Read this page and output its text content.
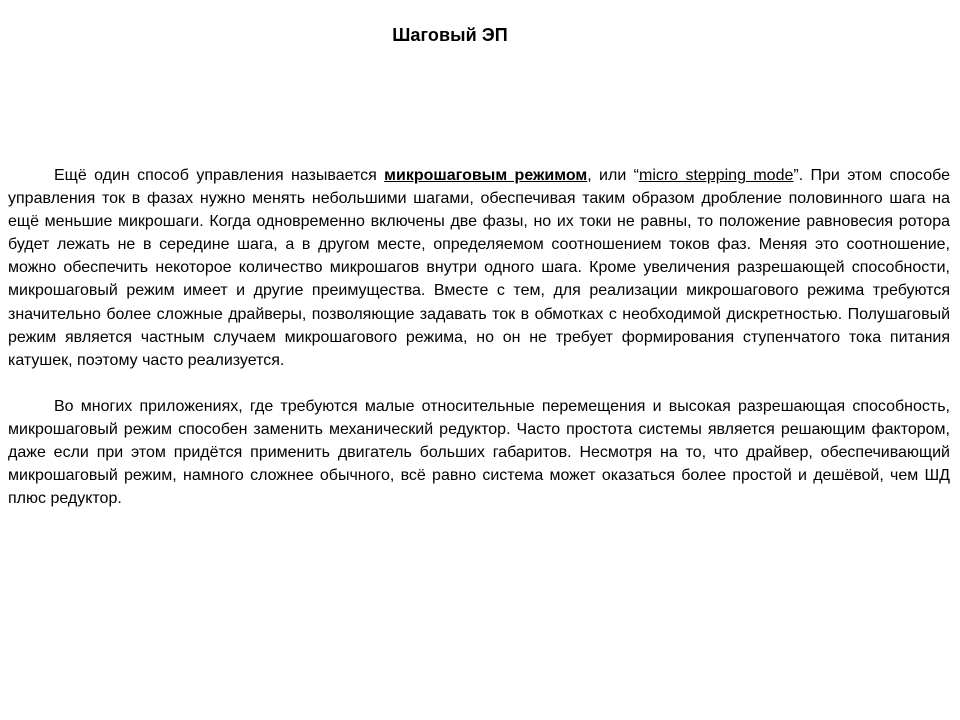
Шаговый ЭП

Ещё один способ управления называется микрошаговым режимом, или “micro stepping mode”. При этом способе управления ток в фазах нужно менять небольшими шагами, обеспечивая таким образом дробление половинного шага на ещё меньшие микрошаги. Когда одновременно включены две фазы, но их токи не равны, то положение равновесия ротора будет лежать не в середине шага, а в другом месте, определяемом соотношением токов фаз. Меняя это соотношение, можно обеспечить некоторое количество микрошагов внутри одного шага. Кроме увеличения разрешающей способности, микрошаговый режим имеет и другие преимущества. Вместе с тем, для реализации микрошагового режима требуются значительно более сложные драйверы, позволяющие задавать ток в обмотках с необходимой дискретностью. Полушаговый режим является частным случаем микрошагового режима, но он не требует формирования ступенчатого тока питания катушек, поэтому часто реализуется.

Во многих приложениях, где требуются малые относительные перемещения и высокая разрешающая способность, микрошаговый режим способен заменить механический редуктор. Часто простота системы является решающим фактором, даже если при этом придётся применить двигатель больших габаритов. Несмотря на то, что драйвер, обеспечивающий микрошаговый режим, намного сложнее обычного, всё равно система может оказаться более простой и дешёвой, чем ШД плюс редуктор.
